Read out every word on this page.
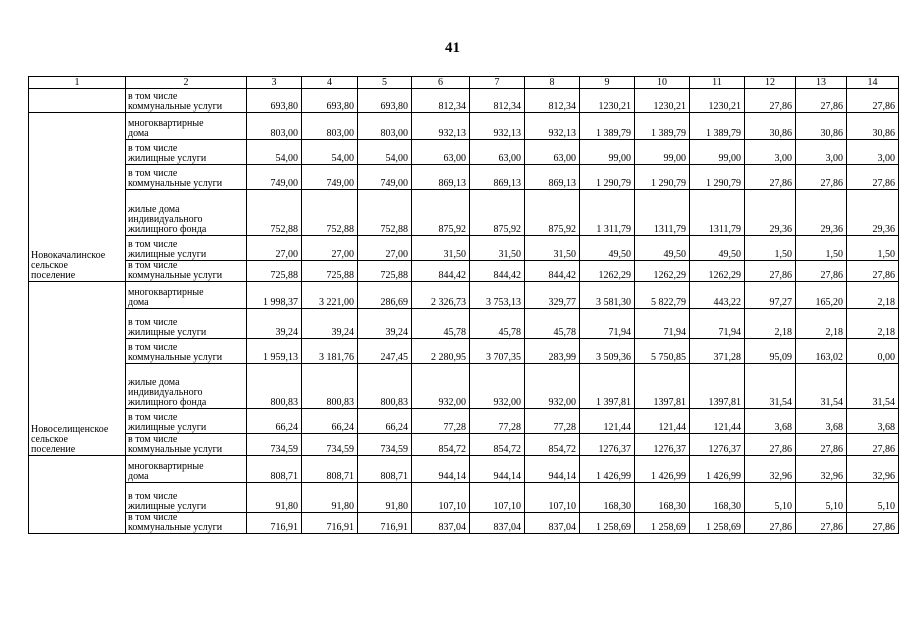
41
1	2	3	4	5	6	7	8	9	10	11	12	13	14
	в том числе
коммунальные услуги	693,80	693,80	693,80	812,34	812,34	812,34	1230,21	1230,21	1230,21	27,86	27,86	27,86
Новокачалинское
сельское
поселение	многоквартирные
дома	803,00	803,00	803,00	932,13	932,13	932,13	1 389,79	1 389,79	1 389,79	30,86	30,86	30,86
	в том числе
жилищные услуги	54,00	54,00	54,00	63,00	63,00	63,00	99,00	99,00	99,00	3,00	3,00	3,00
	в том числе
коммунальные услуги	749,00	749,00	749,00	869,13	869,13	869,13	1 290,79	1 290,79	1 290,79	27,86	27,86	27,86
	жилые дома
индивидуального
жилищного фонда	752,88	752,88	752,88	875,92	875,92	875,92	1 311,79	1311,79	1311,79	29,36	29,36	29,36
	в том числе
жилищные услуги	27,00	27,00	27,00	31,50	31,50	31,50	49,50	49,50	49,50	1,50	1,50	1,50
	в том числе
коммунальные услуги	725,88	725,88	725,88	844,42	844,42	844,42	1262,29	1262,29	1262,29	27,86	27,86	27,86
Новоселищенское
сельское
поселение	многоквартирные
дома	1 998,37	3 221,00	286,69	2 326,73	3 753,13	329,77	3 581,30	5 822,79	443,22	97,27	165,20	2,18
	в том числе
жилищные услуги	39,24	39,24	39,24	45,78	45,78	45,78	71,94	71,94	71,94	2,18	2,18	2,18
	в том числе
коммунальные услуги	1 959,13	3 181,76	247,45	2 280,95	3 707,35	283,99	3 509,36	5 750,85	371,28	95,09	163,02	0,00
	жилые дома
индивидуального
жилищного фонда	800,83	800,83	800,83	932,00	932,00	932,00	1 397,81	1397,81	1397,81	31,54	31,54	31,54
	в том числе
жилищные услуги	66,24	66,24	66,24	77,28	77,28	77,28	121,44	121,44	121,44	3,68	3,68	3,68
	в том числе
коммунальные услуги	734,59	734,59	734,59	854,72	854,72	854,72	1276,37	1276,37	1276,37	27,86	27,86	27,86
	многоквартирные
дома	808,71	808,71	808,71	944,14	944,14	944,14	1 426,99	1 426,99	1 426,99	32,96	32,96	32,96
	в том числе
жилищные услуги	91,80	91,80	91,80	107,10	107,10	107,10	168,30	168,30	168,30	5,10	5,10	5,10
	в том числе
коммунальные услуги	716,91	716,91	716,91	837,04	837,04	837,04	1 258,69	1 258,69	1 258,69	27,86	27,86	27,86
